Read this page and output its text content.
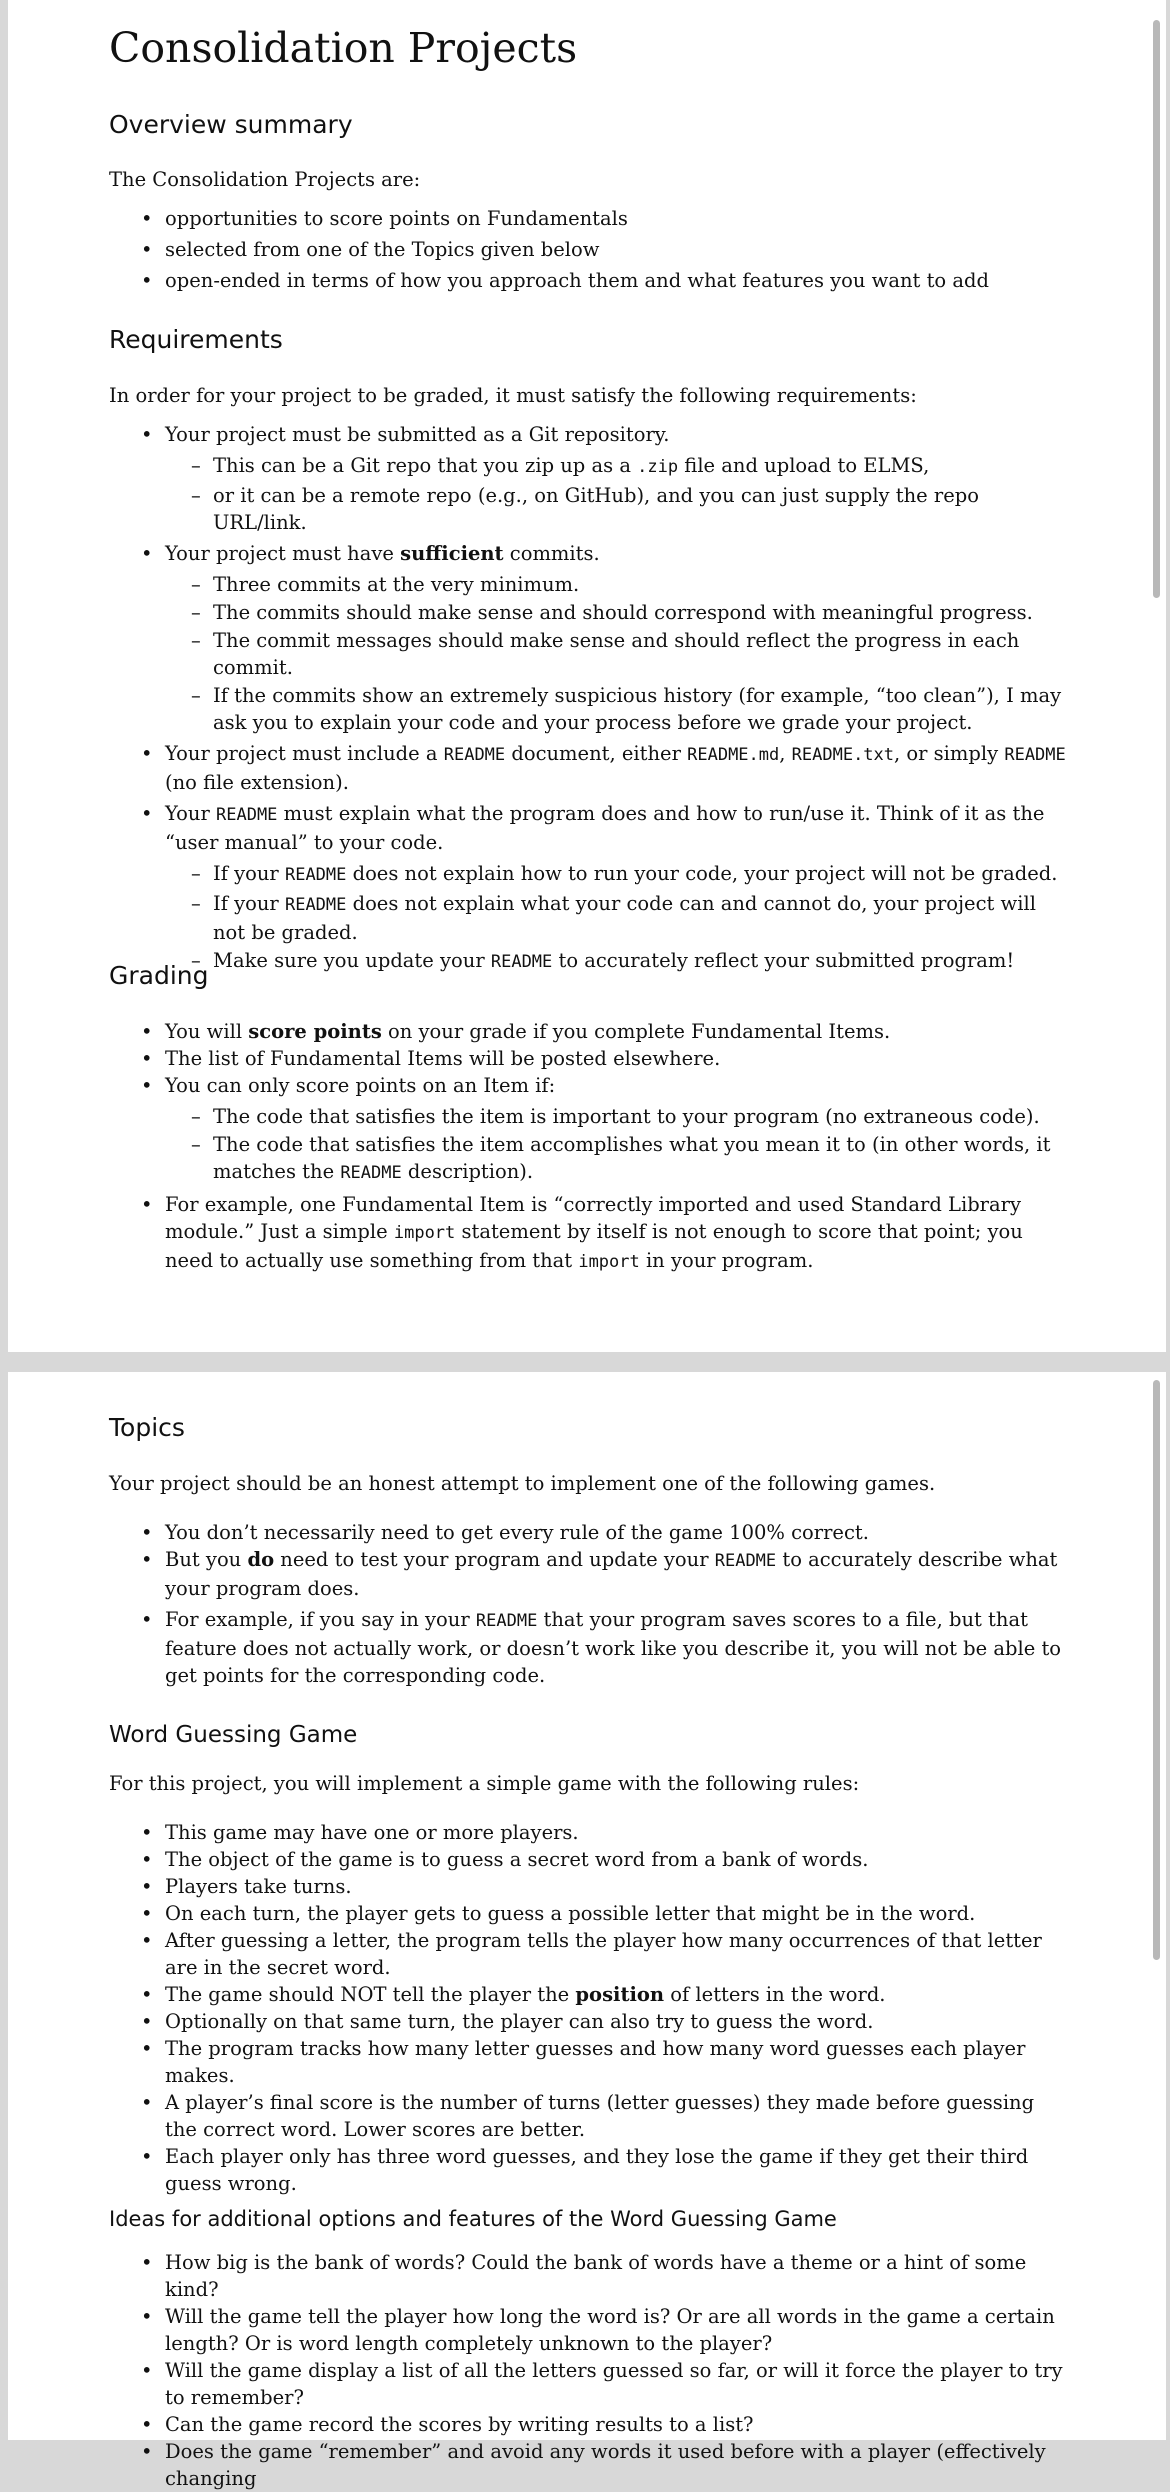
Consolidation Projects
Overview summary

The Consolidation Projects are:

• opportunities to score points on Fundamentals
• selected from one of the Topics given below
• open-ended in terms of how you approach them and what features you want to add
Requirements

In order for your project to be graded, it must satisfy the following requirements:

• Your project must be submitted as a Git repository.
– This can be a Git repo that you zip up as a .zip file and upload to ELMS,
– or it can be a remote repo (e.g., on GitHub), and you can just supply the repo URL/link.
• Your project must have sufficient commits.
– Three commits at the very minimum.
– The commits should make sense and should correspond with meaningful progress.
– The commit messages should make sense and should reflect the progress in each commit.
– If the commits show an extremely suspicious history (for example, “too clean”), I may ask you to explain your code and your process before we grade your project.
• Your project must include a README document, either README.md, README.txt, or simply README (no file extension).
• Your README must explain what the program does and how to run/use it. Think of it as the “user manual” to your code.
– If your README does not explain how to run your code, your project will not be graded.
– If your README does not explain what your code can and cannot do, your project will not be graded.
– Make sure you update your README to accurately reflect your submitted program!
Grading
• You will score points on your grade if you complete Fundamental Items.
• The list of Fundamental Items will be posted elsewhere.
• You can only score points on an Item if:
– The code that satisfies the item is important to your program (no extraneous code).
– The code that satisfies the item accomplishes what you mean it to (in other words, it matches the README description).
• For example, one Fundamental Item is “correctly imported and used Standard Library module.” Just a simple import statement by itself is not enough to score that point; you need to actually use something from that import in your program.
Topics

Your project should be an honest attempt to implement one of the following games.

• You don’t necessarily need to get every rule of the game 100% correct.
• But you do need to test your program and update your README to accurately describe what your program does.
• For example, if you say in your README that your program saves scores to a file, but that feature does not actually work, or doesn’t work like you describe it, you will not be able to get points for the corresponding code.
Word Guessing Game

For this project, you will implement a simple game with the following rules:

• This game may have one or more players.
• The object of the game is to guess a secret word from a bank of words.
• Players take turns.
• On each turn, the player gets to guess a possible letter that might be in the word.
• After guessing a letter, the program tells the player how many occurrences of that letter are in the secret word.
• The game should NOT tell the player the position of letters in the word.
• Optionally on that same turn, the player can also try to guess the word.
• The program tracks how many letter guesses and how many word guesses each player makes.
• A player’s final score is the number of turns (letter guesses) they made before guessing the correct word. Lower scores are better.
• Each player only has three word guesses, and they lose the game if they get their third guess wrong.
Ideas for additional options and features of the Word Guessing Game
• How big is the bank of words? Could the bank of words have a theme or a hint of some kind?
• Will the game tell the player how long the word is? Or are all words in the game a certain length? Or is word length completely unknown to the player?
• Will the game display a list of all the letters guessed so far, or will it force the player to try to remember?
• Can the game record the scores by writing results to a list?
• Does the game “remember” and avoid any words it used before with a player (effectively changing
